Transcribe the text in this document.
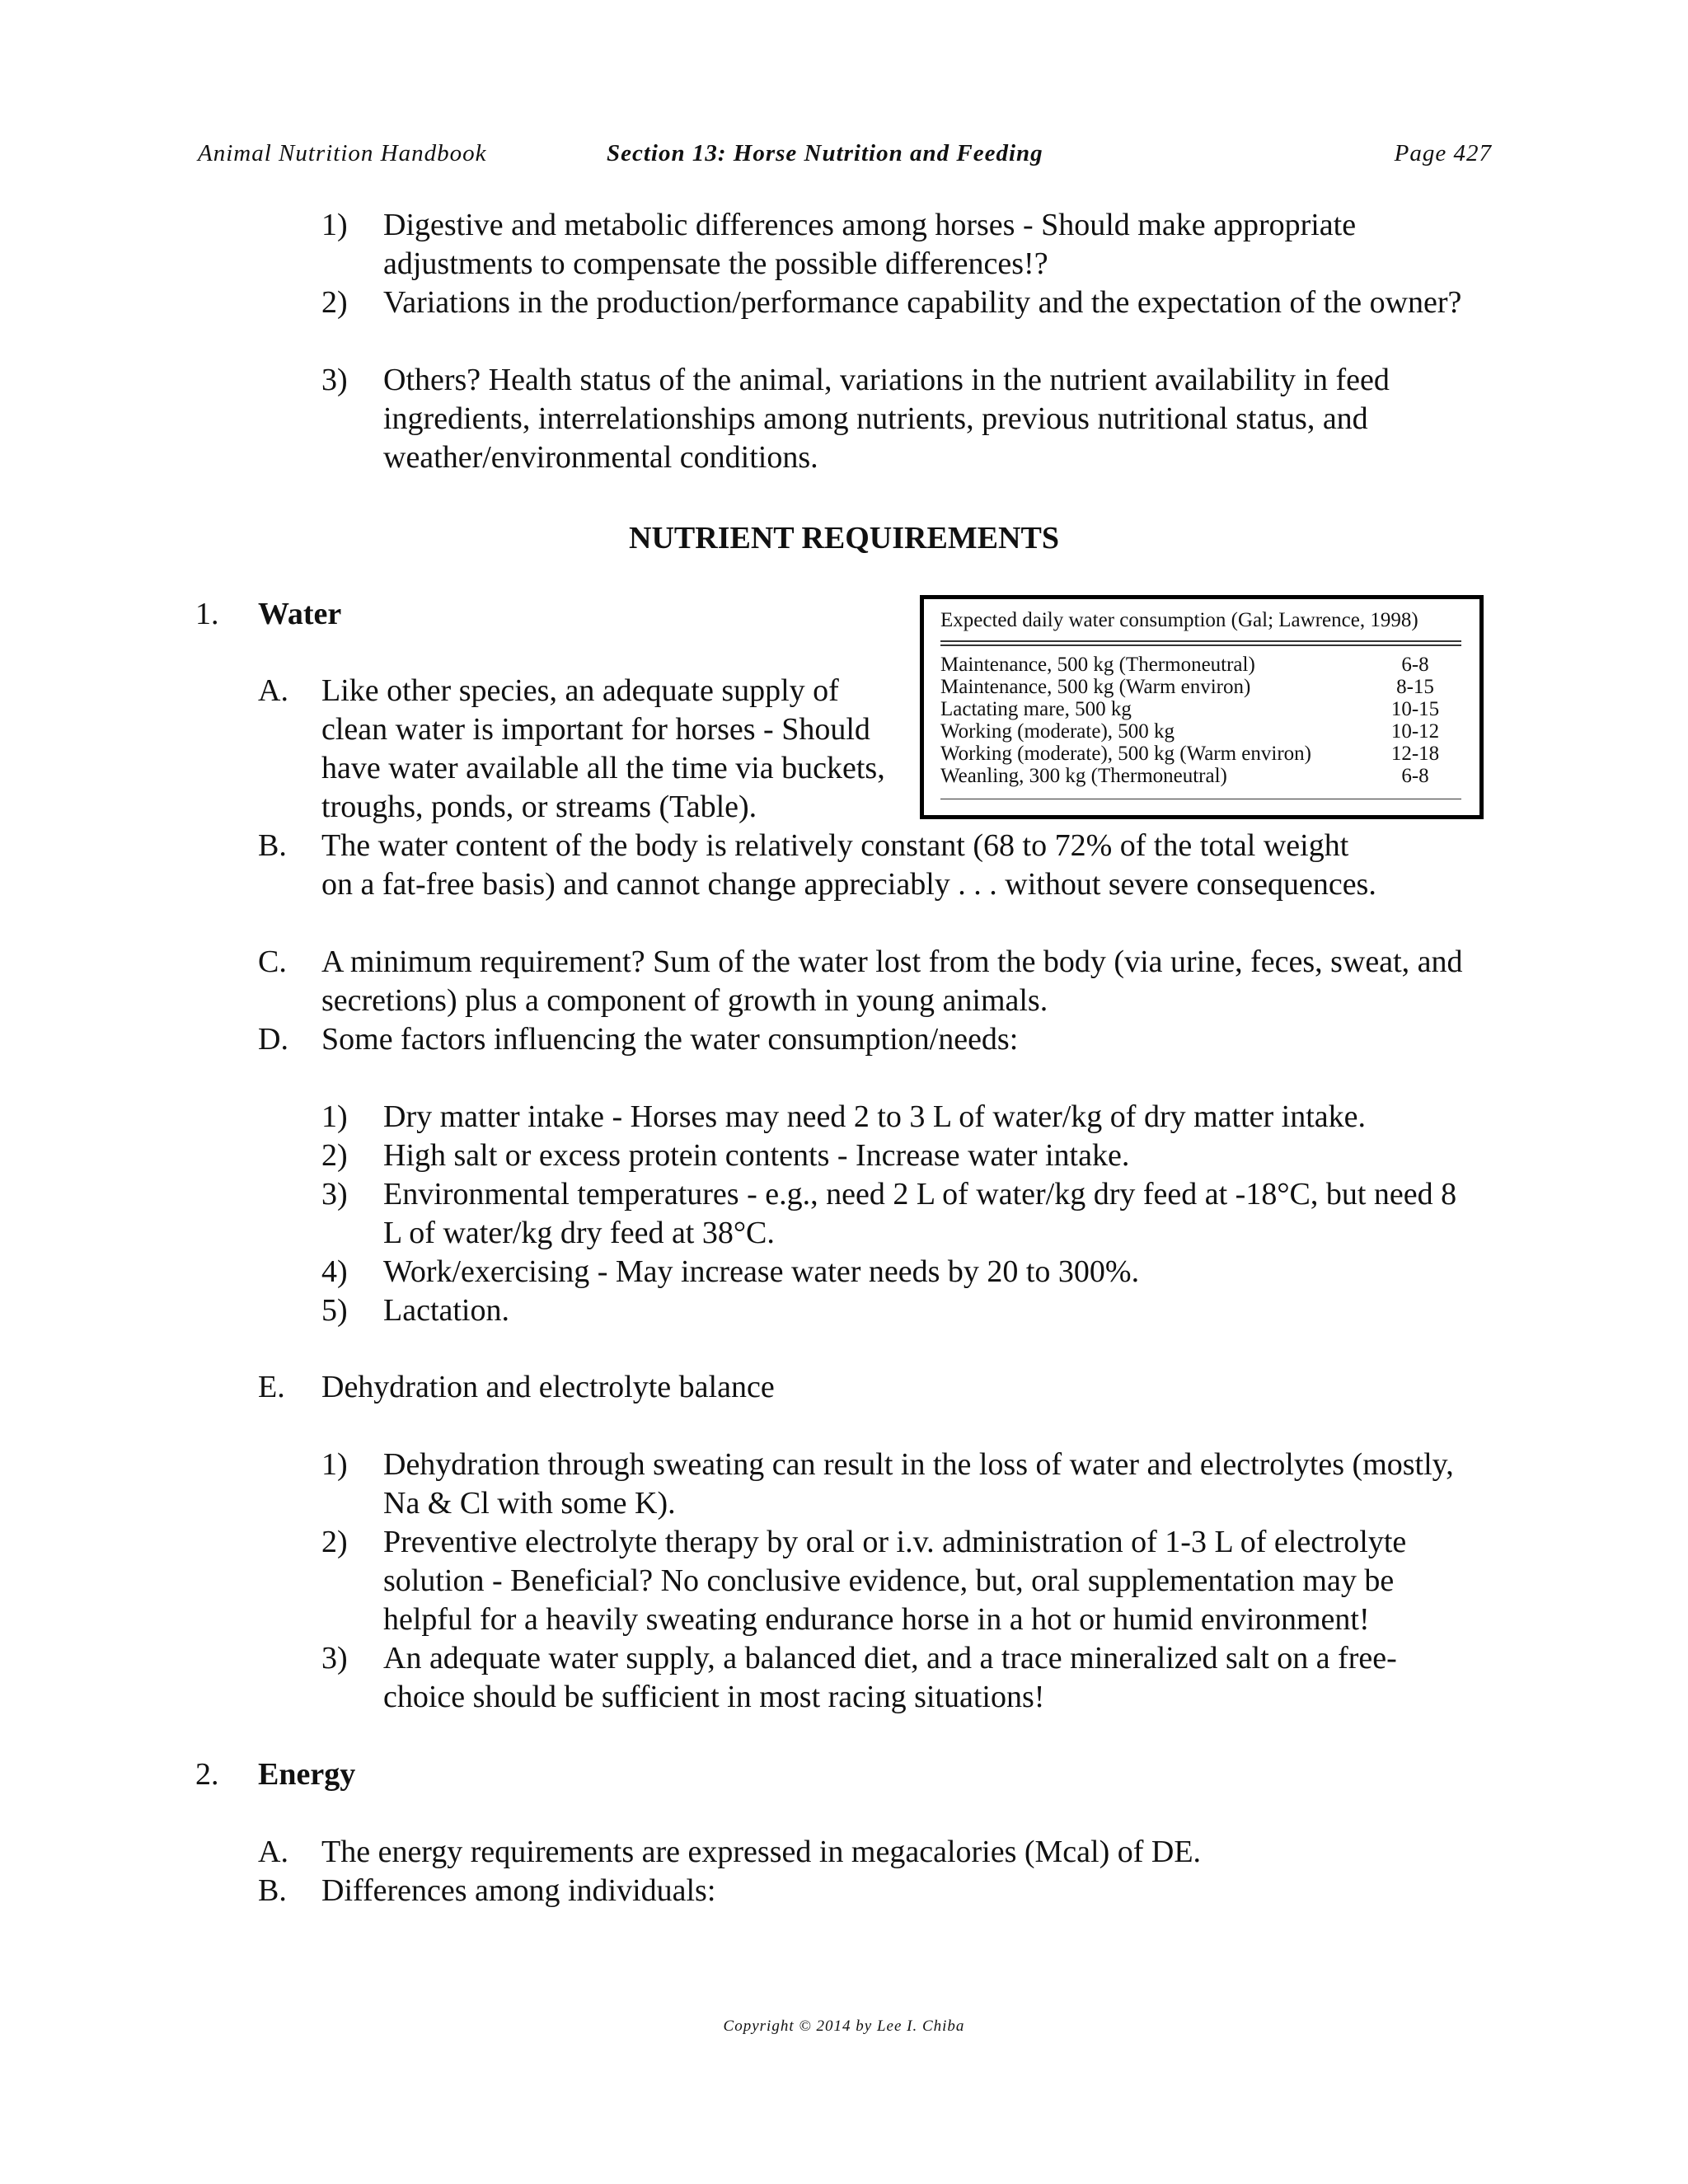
Animal Nutrition Handbook	Section 13: Horse Nutrition and Feeding	Page 427
1) Digestive and metabolic differences among horses - Should make appropriate adjustments to compensate the possible differences!?
2) Variations in the production/performance capability and the expectation of the owner?
3) Others? Health status of the animal, variations in the nutrient availability in feed ingredients, interrelationships among nutrients, previous nutritional status, and weather/environmental conditions.
NUTRIENT REQUIREMENTS
1. Water
A. Like other species, an adequate supply of clean water is important for horses - Should have water available all the time via buckets, troughs, ponds, or streams (Table).
B. The water content of the body is relatively constant (68 to 72% of the total weight on a fat-free basis) and cannot change appreciably . . . without severe consequences.
C. A minimum requirement? Sum of the water lost from the body (via urine, feces, sweat, and secretions) plus a component of growth in young animals.
D. Some factors influencing the water consumption/needs:
1) Dry matter intake - Horses may need 2 to 3 L of water/kg of dry matter intake.
2) High salt or excess protein contents - Increase water intake.
3) Environmental temperatures - e.g., need 2 L of water/kg dry feed at -18°C, but need 8 L of water/kg dry feed at 38°C.
4) Work/exercising - May increase water needs by 20 to 300%.
5) Lactation.
E. Dehydration and electrolyte balance
1) Dehydration through sweating can result in the loss of water and electrolytes (mostly, Na & Cl with some K).
2) Preventive electrolyte therapy by oral or i.v. administration of 1-3 L of electrolyte solution - Beneficial? No conclusive evidence, but, oral supplementation may be helpful for a heavily sweating endurance horse in a hot or humid environment!
3) An adequate water supply, a balanced diet, and a trace mineralized salt on a free-choice should be sufficient in most racing situations!
2. Energy
A. The energy requirements are expressed in megacalories (Mcal) of DE.
B. Differences among individuals:
Expected daily water consumption (Gal; Lawrence, 1998)
Maintenance, 500 kg (Thermoneutral)	6-8
Maintenance, 500 kg (Warm environ)	8-15
Lactating mare, 500 kg	10-15
Working (moderate), 500 kg	10-12
Working (moderate), 500 kg (Warm environ)	12-18
Weanling, 300 kg (Thermoneutral)	6-8
Copyright © 2014 by Lee I. Chiba
